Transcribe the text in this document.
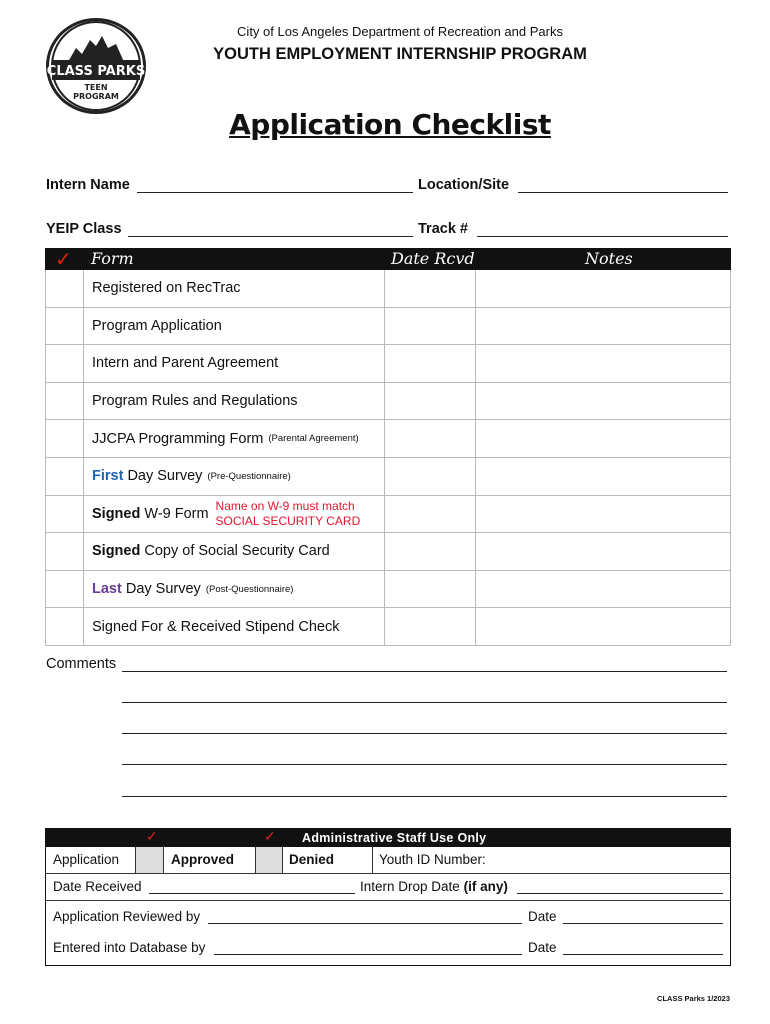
CLASS PARKS
TEEN
PROGRAM
City of Los Angeles Department of Recreation and Parks
YOUTH EMPLOYMENT INTERNSHIP PROGRAM
Application Checklist
Intern Name	Location/Site
YEIP Class	Track #
✓ Form	Date Rcvd	Notes
Registered on RecTrac
Program Application
Intern and Parent Agreement
Program Rules and Regulations
JJCPA Programming Form (Parental Agreement)
First Day Survey (Pre-Questionnaire)
Signed W-9 Form Name on W-9 must match
SOCIAL SECURITY CARD
Signed Copy of Social Security Card
Last Day Survey (Post-Questionnaire)
Signed For & Received Stipend Check
Comments
✓	✓ Administrative Staff Use Only
Application	Approved	Denied	Youth ID Number:
Date Received	Intern Drop Date (if any)
Application Reviewed by	Date
Entered into Database by	Date
CLASS Parks 1/2023
